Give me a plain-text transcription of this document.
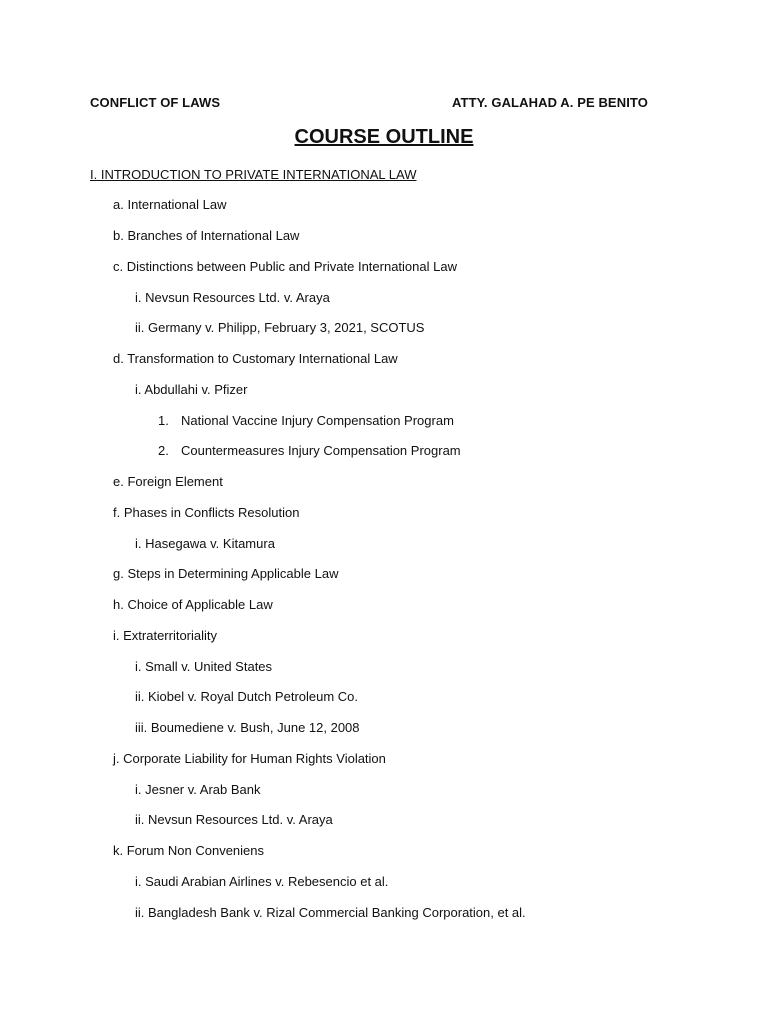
CONFLICT OF LAWS	ATTY. GALAHAD A. PE BENITO
COURSE OUTLINE
I. INTRODUCTION TO PRIVATE INTERNATIONAL LAW
a. International Law
b. Branches of International Law
c. Distinctions between Public and Private International Law
i. Nevsun Resources Ltd. v. Araya
ii. Germany v. Philipp, February 3, 2021, SCOTUS
d. Transformation to Customary International Law
i. Abdullahi v. Pfizer
1. National Vaccine Injury Compensation Program
2. Countermeasures Injury Compensation Program
e. Foreign Element
f. Phases in Conflicts Resolution
i. Hasegawa v. Kitamura
g. Steps in Determining Applicable Law
h. Choice of Applicable Law
i. Extraterritoriality
i. Small v. United States
ii. Kiobel v. Royal Dutch Petroleum Co.
iii. Boumediene v. Bush, June 12, 2008
j. Corporate Liability for Human Rights Violation
i. Jesner v. Arab Bank
ii. Nevsun Resources Ltd. v. Araya
k. Forum Non Conveniens
i. Saudi Arabian Airlines v. Rebesencio et al.
ii. Bangladesh Bank v. Rizal Commercial Banking Corporation, et al.
